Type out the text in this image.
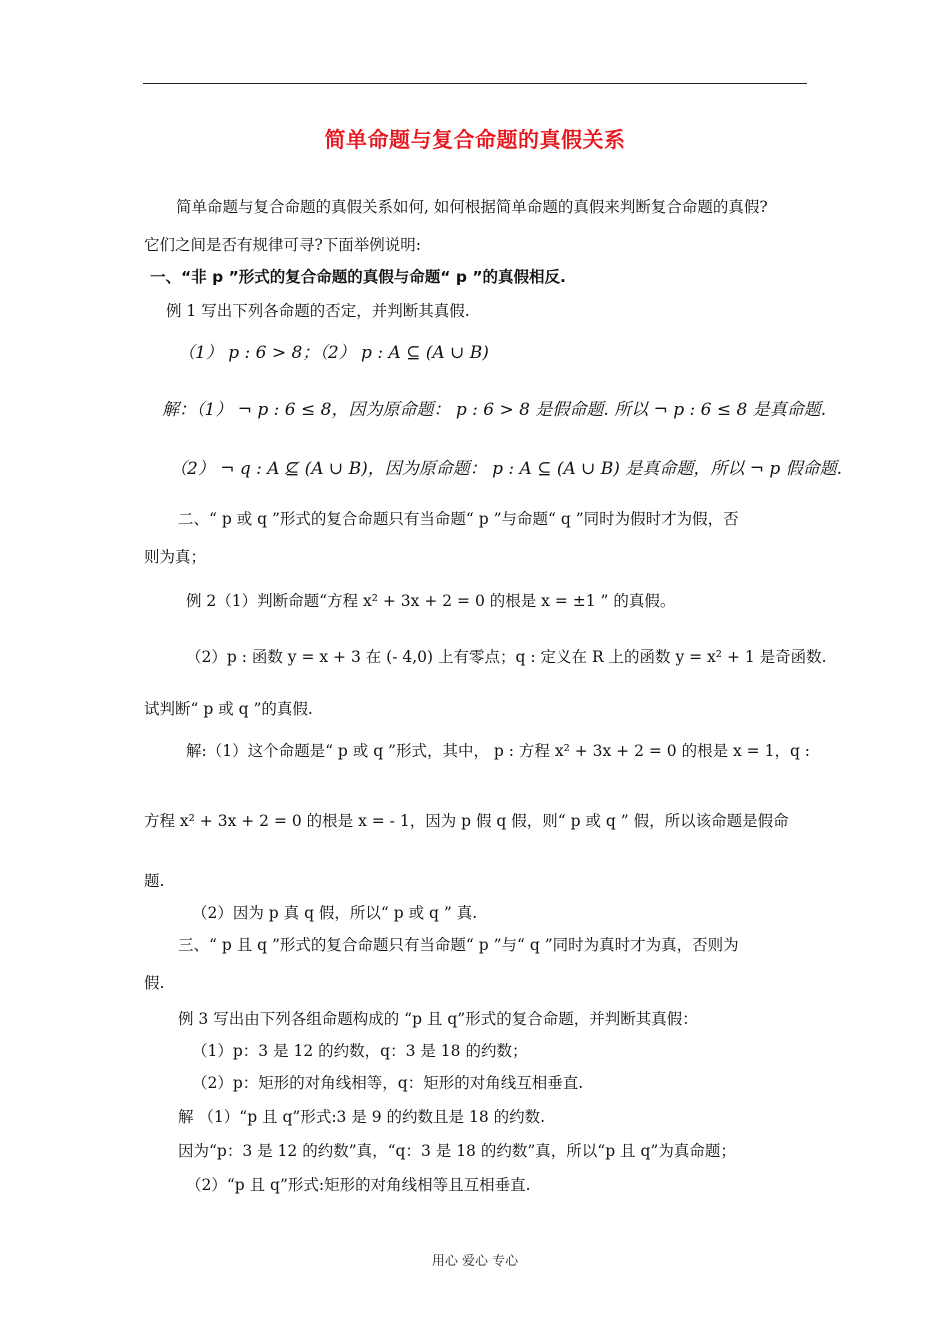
简单命题与复合命题的真假关系
简单命题与复合命题的真假关系如何, 如何根据简单命题的真假来判断复合命题的真假?
它们之间是否有规律可寻?下面举例说明:
一、“非 p ”形式的复合命题的真假与命题“ p ”的真假相反.
例 1 写出下列各命题的否定，并判断其真假.
（1） p : 6 > 8；（2） p : A ⊆ (A ∪ B)
解：（1） ¬ p : 6 ≤ 8，因为原命题： p : 6 > 8 是假命题. 所以 ¬ p : 6 ≤ 8 是真命题.
（2） ¬ q : A ⊈ (A ∪ B)，因为原命题： p : A ⊆ (A ∪ B) 是真命题，所以 ¬ p 假命题.
二、“ p 或 q ”形式的复合命题只有当命题“ p ”与命题“ q ”同时为假时才为假，否
则为真；
例 2（1）判断命题“方程 x² + 3x + 2 = 0 的根是 x = ±1 ” 的真假。
（2）p : 函数 y = x + 3 在 (- 4,0) 上有零点；q : 定义在 R 上的函数 y = x² + 1 是奇函数.
试判断“ p 或 q ”的真假.
解:（1）这个命题是“ p 或 q ”形式，其中， p : 方程 x² + 3x + 2 = 0 的根是 x = 1，q :
方程 x² + 3x + 2 = 0 的根是 x = - 1，因为 p 假 q 假，则“ p 或 q ” 假，所以该命题是假命
题.
（2）因为 p 真 q 假，所以“ p 或 q ” 真.
三、“ p 且 q ”形式的复合命题只有当命题“ p ”与“ q ”同时为真时才为真，否则为
假.
例 3 写出由下列各组命题构成的 “p 且 q”形式的复合命题，并判断其真假：
（1）p：3 是 12 的约数，q：3 是 18 的约数；
（2）p：矩形的对角线相等，q：矩形的对角线互相垂直.
解 （1）“p 且 q”形式:3 是 9 的约数且是 18 的约数.
因为“p：3 是 12 的约数”真，“q：3 是 18 的约数”真，所以“p 且 q”为真命题；
（2）“p 且 q”形式:矩形的对角线相等且互相垂直.
用心 爱心 专心
